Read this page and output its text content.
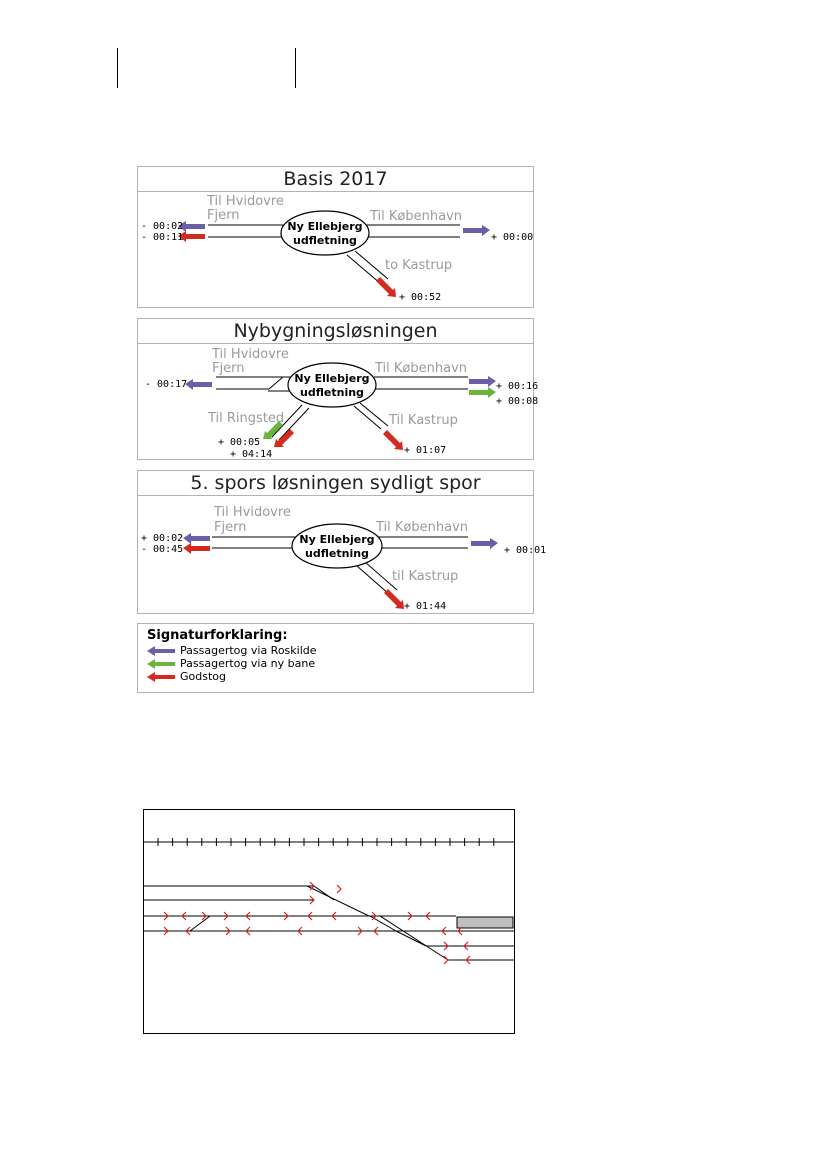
Basis 2017
Ny Ellebjerg
udfletning
Til Hvidovre
Fjern	Til København
to Kastrup
- 00:02
- 00:11	+ 00:00
+ 00:52
Nybygningsløsningen
Ny Ellebjerg
udfletning
Til Hvidovre
Fjern	Til København
Til Ringsted	Til Kastrup
- 00:17	+ 00:16
+ 00:08
+ 00:05
+ 04:14	+ 01:07
5. spors løsningen sydligt spor
Ny Ellebjerg
udfletning
Til Hvidovre
Fjern	Til København
til Kastrup
+ 00:02
- 00:45	+ 00:01
+ 01:44
Signaturforklaring:
Passagertog via Roskilde
Passagertog via ny bane
Godstog
